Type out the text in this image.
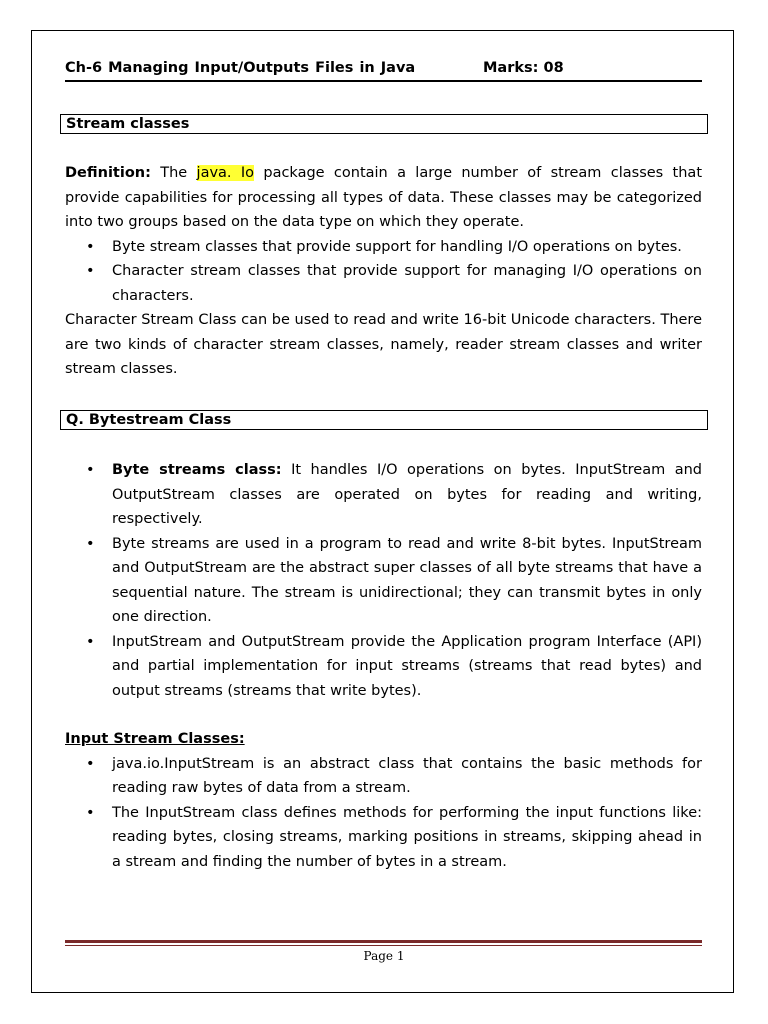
Ch-6 Managing Input/Outputs Files in Java	Marks: 08
Stream classes

Definition: The java. Io package contain a large number of stream classes that provide capabilities for processing all types of data. These classes may be categorized into two groups based on the data type on which they operate.

• Byte stream classes that provide support for handling I/O operations on bytes.
• Character stream classes that provide support for managing I/O operations on characters.

Character Stream Class can be used to read and write 16-bit Unicode characters. There are two kinds of character stream classes, namely, reader stream classes and writer stream classes.

Q. Bytestream Class
• Byte streams class: It handles I/O operations on bytes. InputStream and OutputStream classes are operated on bytes for reading and writing, respectively.
• Byte streams are used in a program to read and write 8-bit bytes. InputStream and OutputStream are the abstract super classes of all byte streams that have a sequential nature. The stream is unidirectional; they can transmit bytes in only one direction.
• InputStream and OutputStream provide the Application program Interface (API) and partial implementation for input streams (streams that read bytes) and output streams (streams that write bytes).
Input Stream Classes:
• java.io.InputStream is an abstract class that contains the basic methods for reading raw bytes of data from a stream.
• The InputStream class defines methods for performing the input functions like: reading bytes, closing streams, marking positions in streams, skipping ahead in a stream and finding the number of bytes in a stream.
Page 1
